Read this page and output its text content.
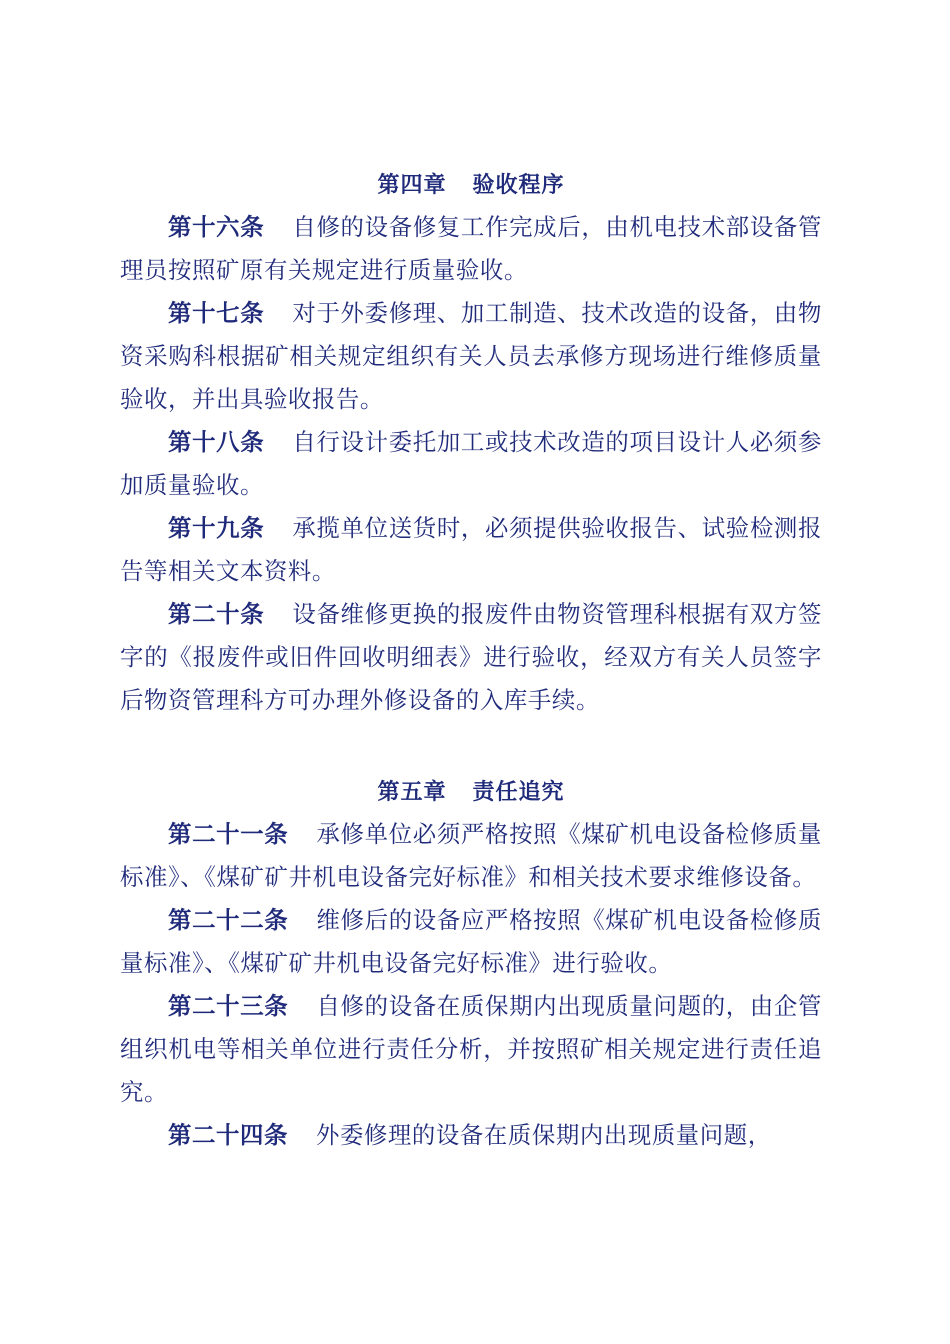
第四章 验收程序

第十六条 自修的设备修复工作完成后，由机电技术部设备管理员按照矿原有关规定进行质量验收。

第十七条 对于外委修理、加工制造、技术改造的设备，由物资采购科根据矿相关规定组织有关人员去承修方现场进行维修质量验收，并出具验收报告。

第十八条 自行设计委托加工或技术改造的项目设计人必须参加质量验收。

第十九条 承揽单位送货时，必须提供验收报告、试验检测报告等相关文本资料。

第二十条 设备维修更换的报废件由物资管理科根据有双方签字的《报废件或旧件回收明细表》进行验收，经双方有关人员签字后物资管理科方可办理外修设备的入库手续。

第五章 责任追究

第二十一条 承修单位必须严格按照《煤矿机电设备检修质量标准》、《煤矿矿井机电设备完好标准》和相关技术要求维修设备。

第二十二条 维修后的设备应严格按照《煤矿机电设备检修质量标准》、《煤矿矿井机电设备完好标准》进行验收。

第二十三条 自修的设备在质保期内出现质量问题的，由企管组织机电等相关单位进行责任分析，并按照矿相关规定进行责任追究。

第二十四条 外委修理的设备在质保期内出现质量问题，
